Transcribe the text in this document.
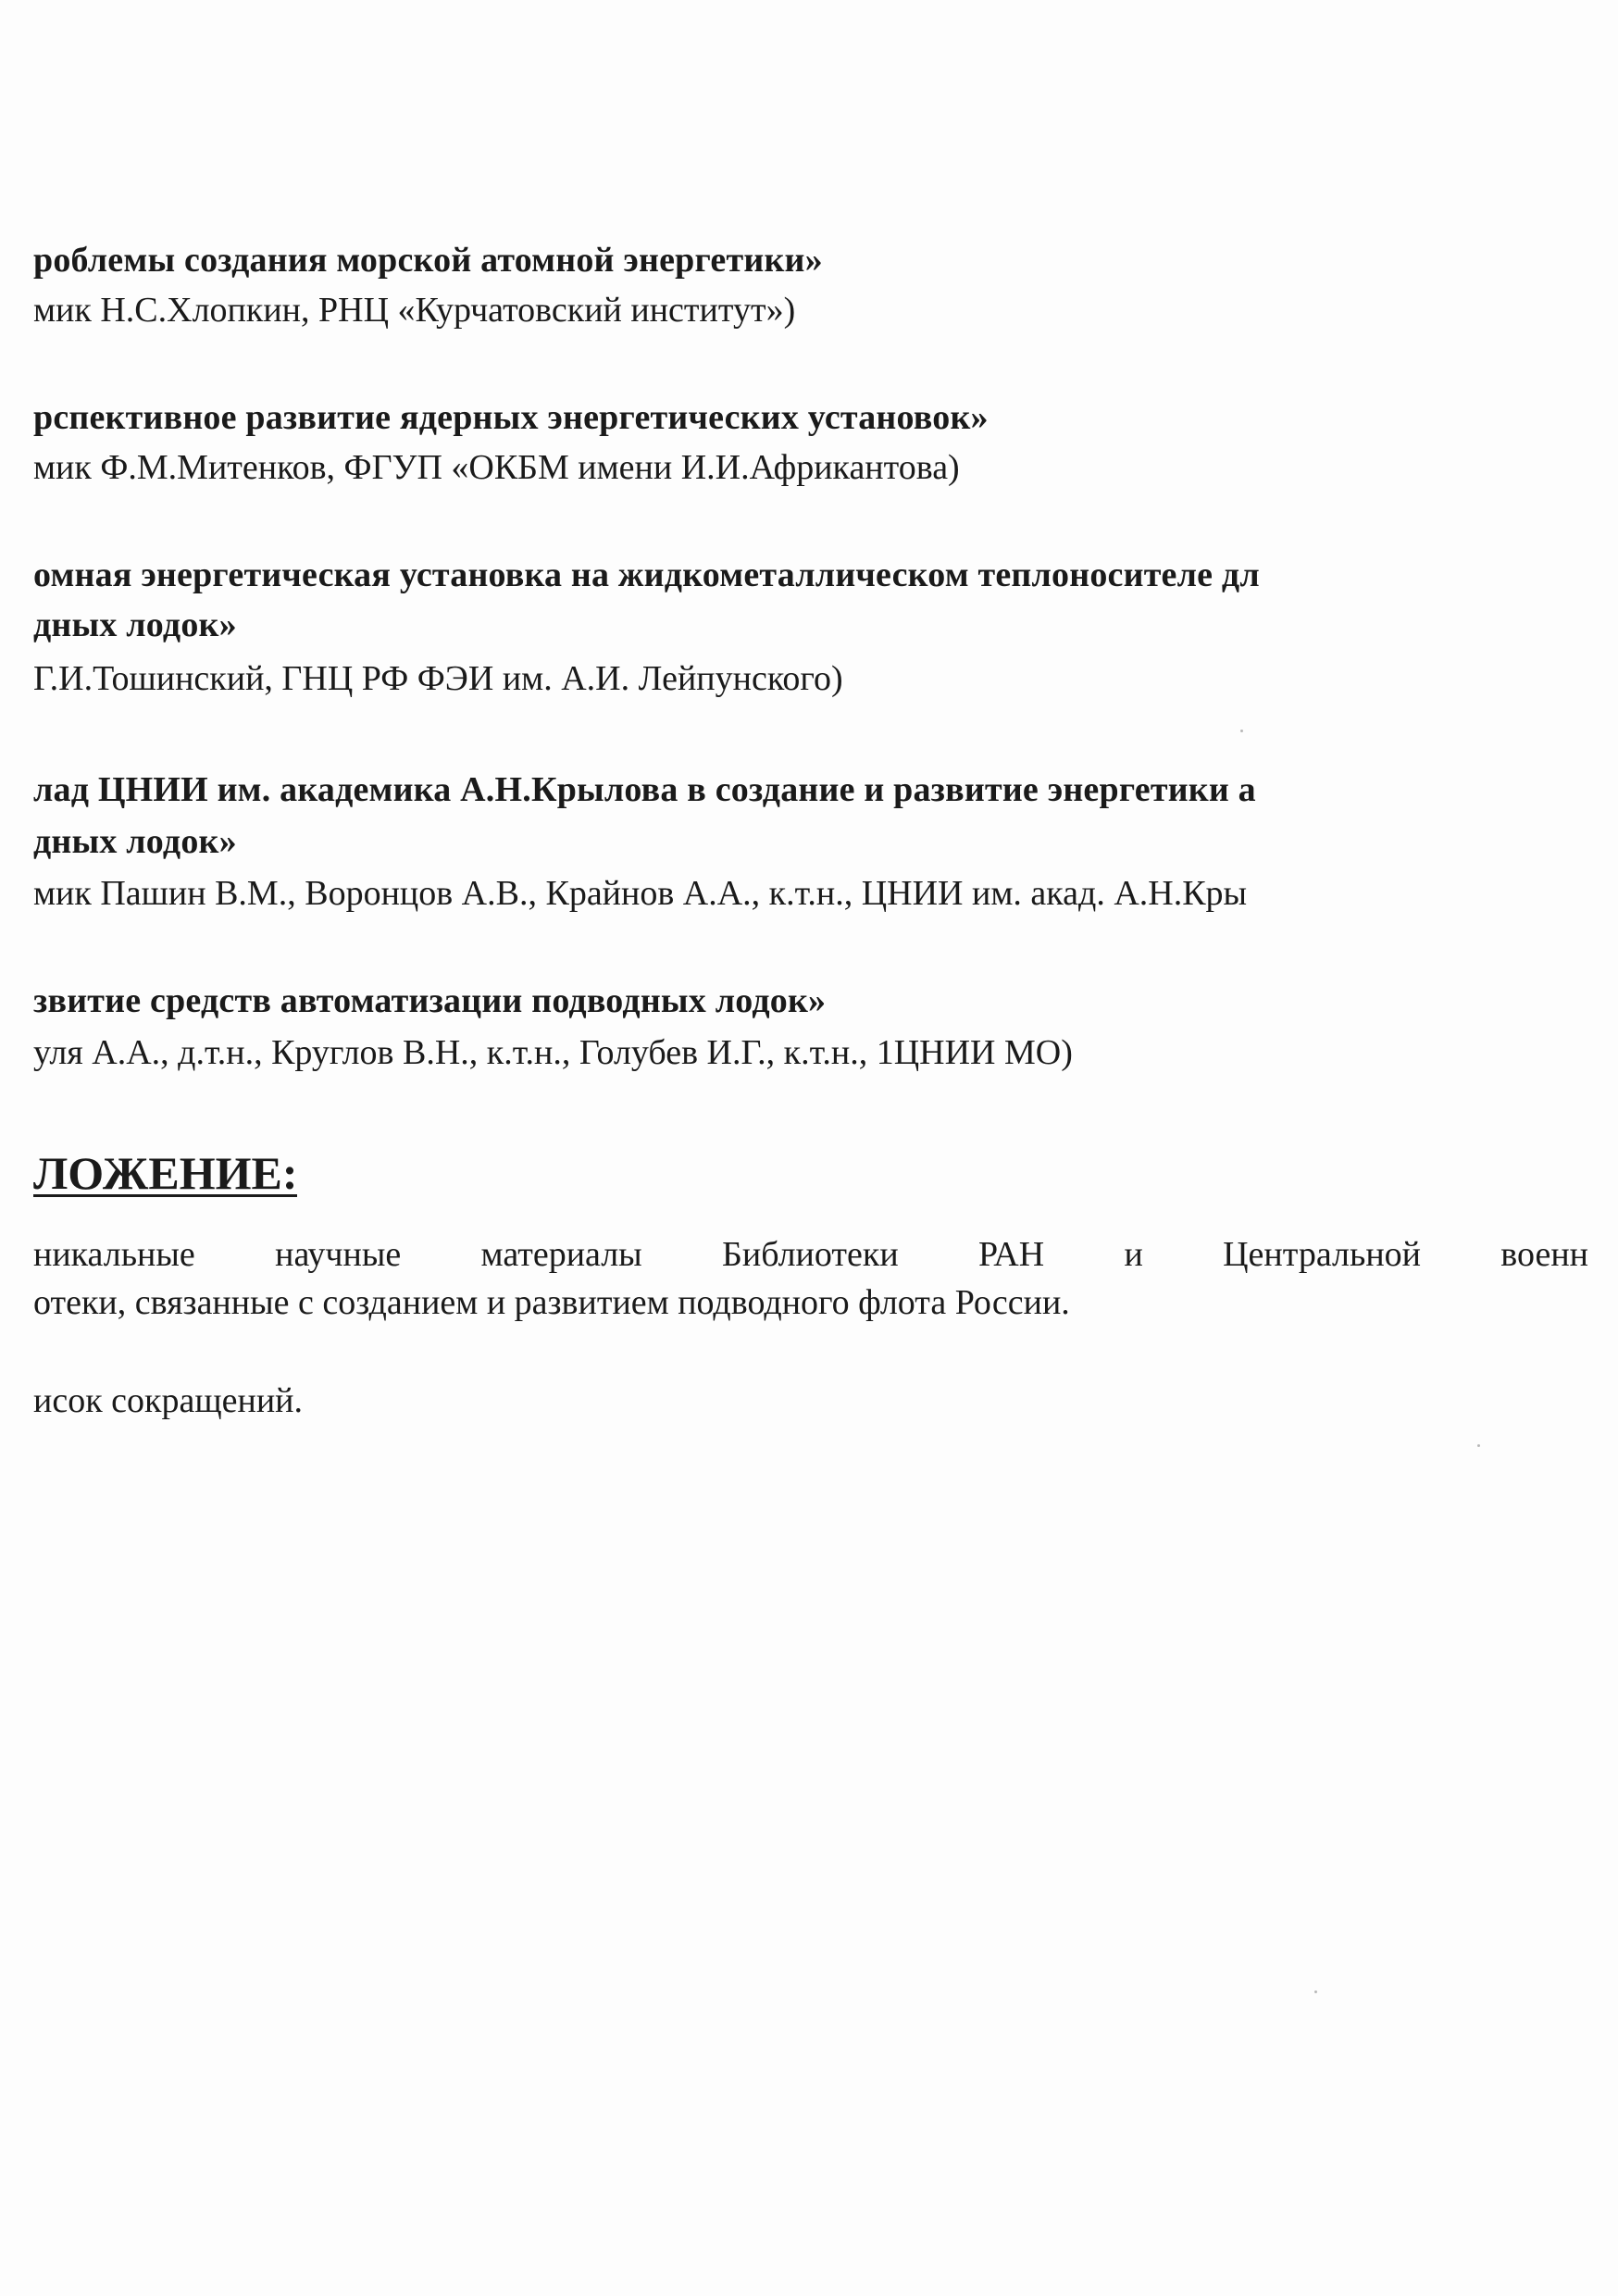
роблемы создания морской атомной энергетики»
мик Н.С.Хлопкин, РНЦ «Курчатовский институт»)
рспективное развитие ядерных энергетических установок»
мик Ф.М.Митенков, ФГУП «ОКБМ имени И.И.Африкантова)
омная энергетическая установка на жидкометаллическом теплоносителе дл
дных лодок»
Г.И.Тошинский, ГНЦ РФ ФЭИ им. А.И. Лейпунского)
лад ЦНИИ им. академика А.Н.Крылова в создание и развитие энергетики а
дных лодок»
мик Пашин В.М., Воронцов А.В., Крайнов А.А., к.т.н., ЦНИИ им. акад. А.Н.Кры
звитие средств автоматизации подводных лодок»
уля А.А., д.т.н., Круглов В.Н., к.т.н., Голубев И.Г., к.т.н., 1ЦНИИ МО)
ЛОЖЕНИЕ:
никальные научные материалы Библиотеки РАН и Центральной военн
отеки, связанные с созданием и развитием подводного флота России.
иcок сокращений.
